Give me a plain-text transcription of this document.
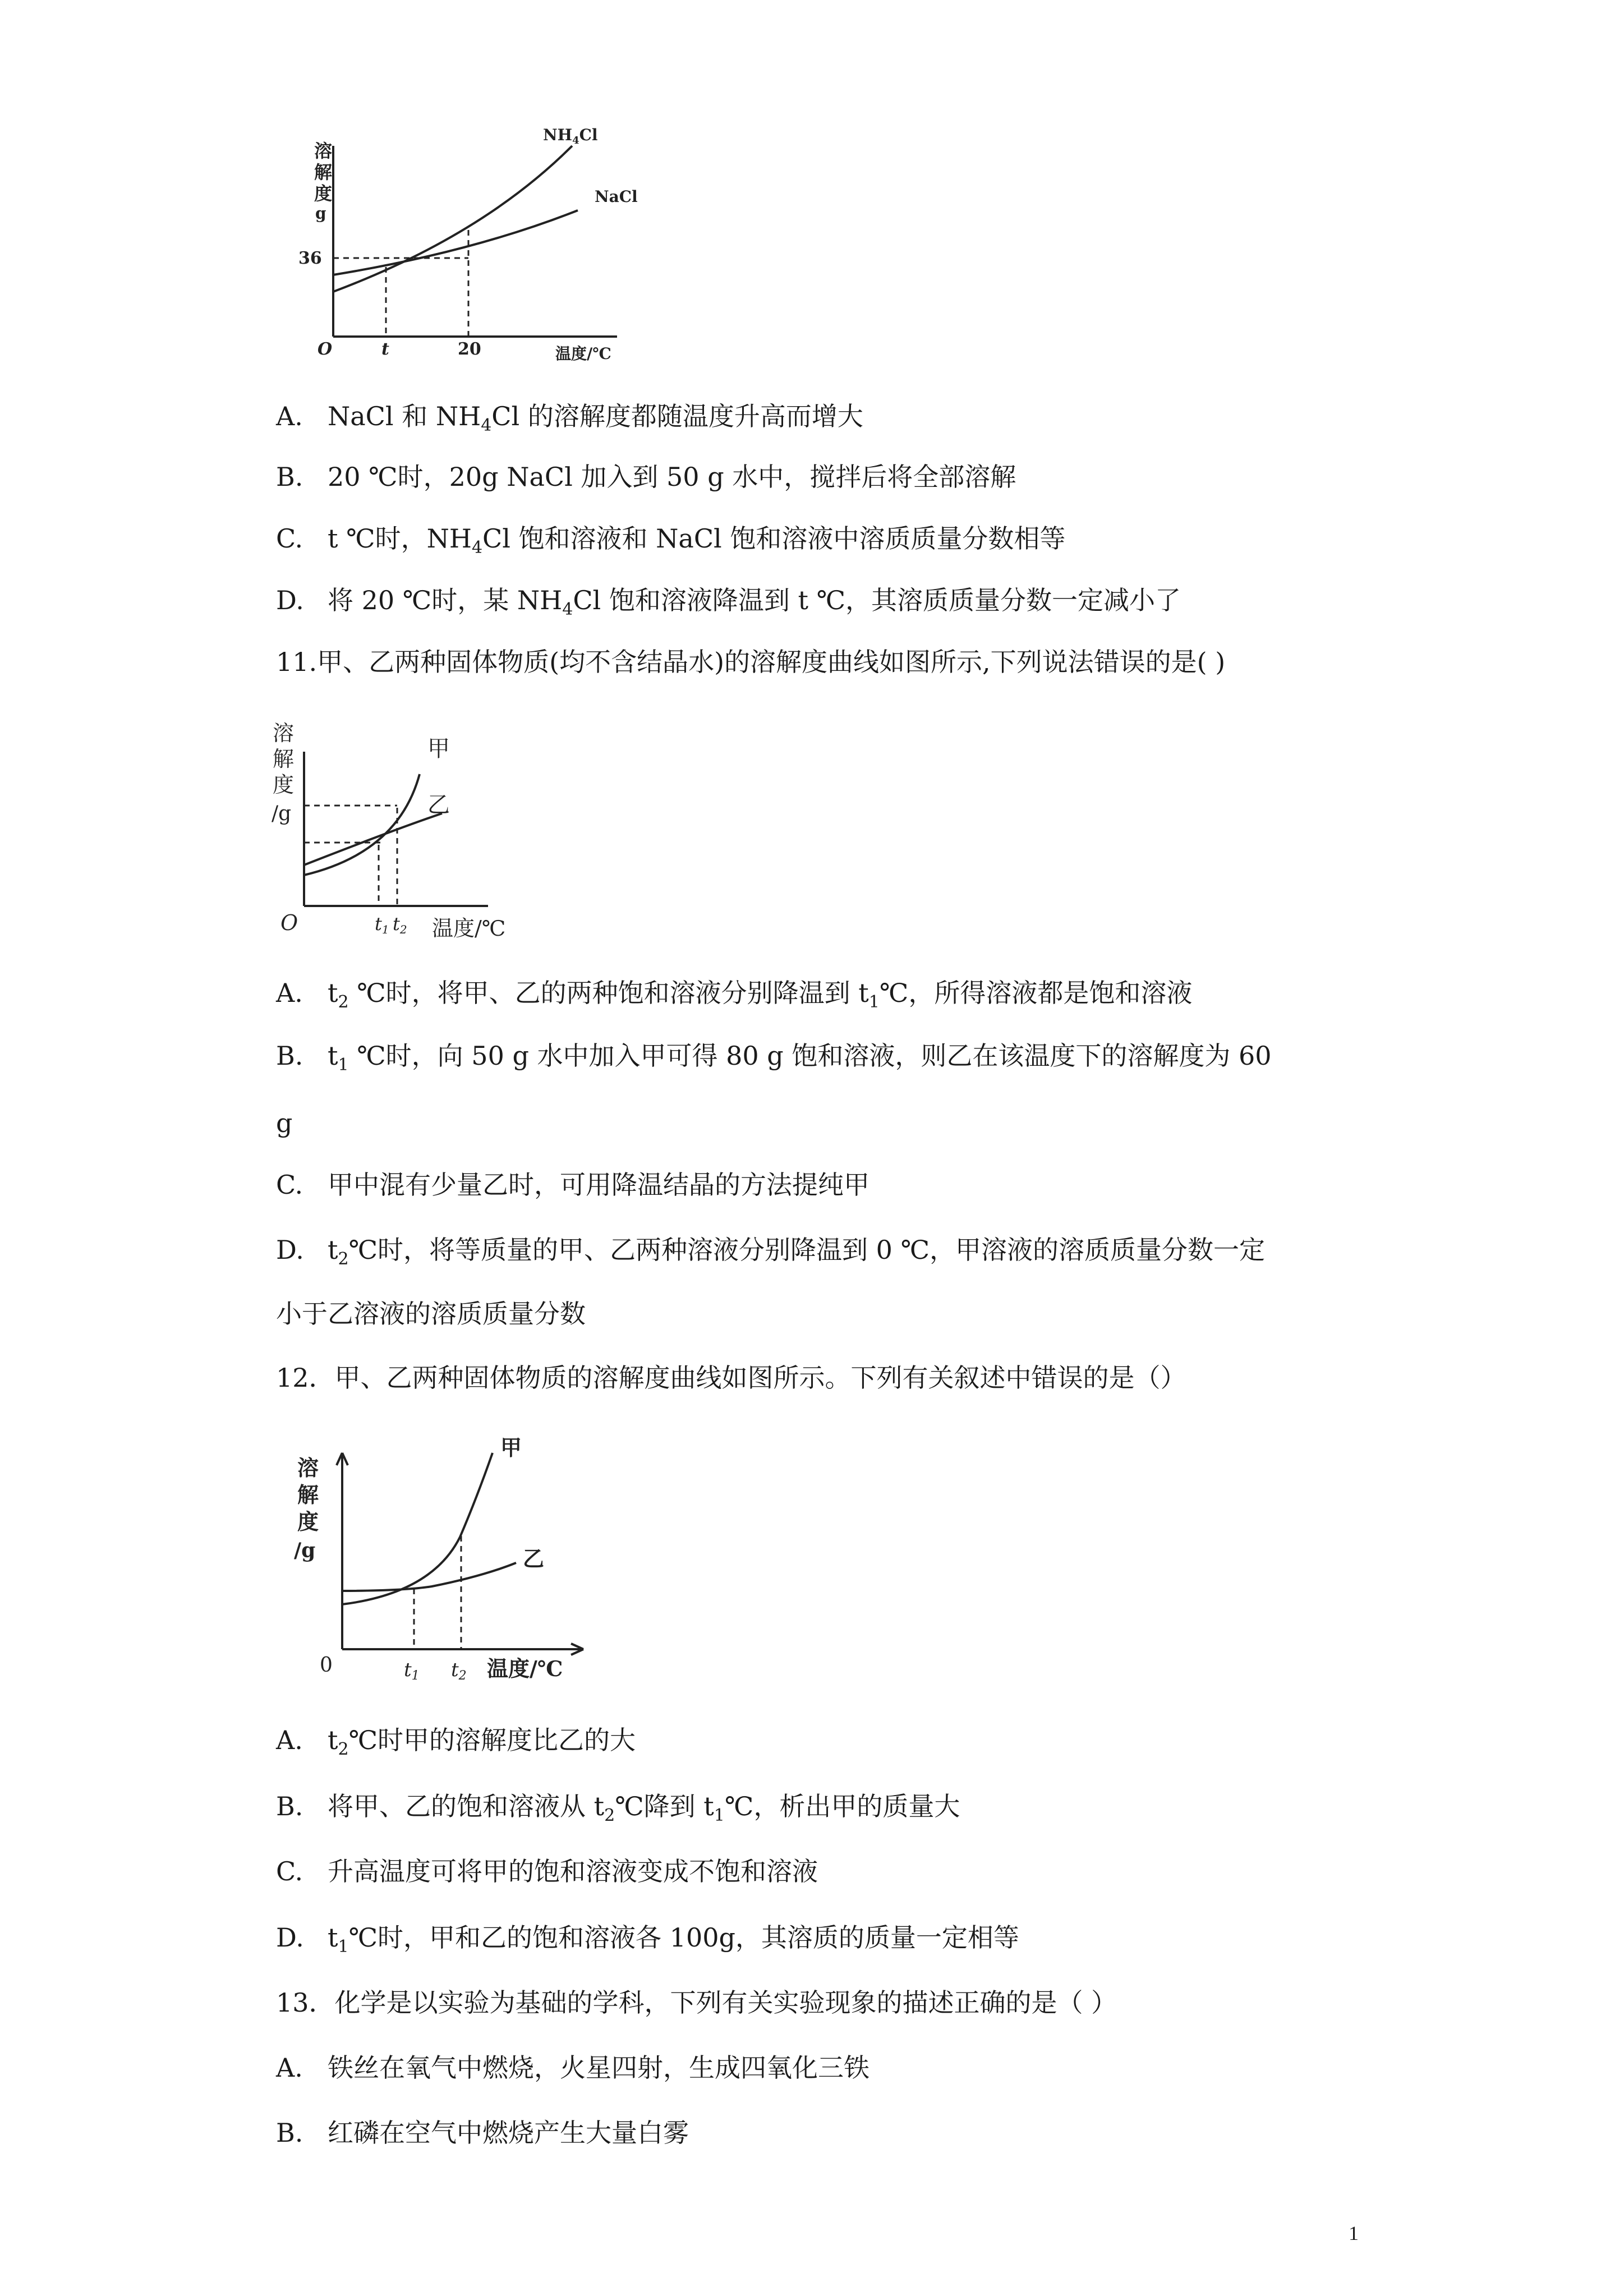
溶
解
度
g
36
O	t	20	温度/℃
$NH_4Cl$
NaCl
A. NaCl 和 $NH_4Cl$ 的溶解度都随温度升高而增大
B. 20 ℃时，20g NaCl 加入到 50 g 水中，搅拌后将全部溶解
C. t ℃时，$NH_4Cl$ 饱和溶液和 NaCl 饱和溶液中溶质质量分数相等
D. 将 20 ℃时，某 $NH_4Cl$ 饱和溶液降温到 t ℃，其溶质质量分数一定减小了
11.甲、乙两种固体物质(均不含结晶水)的溶解度曲线如图所示,下列说法错误的是( )
溶
解
度
/g
O	t1 t2 温度/℃
甲
乙
A. $t_2$ ℃时，将甲、乙的两种饱和溶液分别降温到 $t_1℃$，所得溶液都是饱和溶液
B. $t_1$ ℃时，向 50 g 水中加入甲可得 80 g 饱和溶液，则乙在该温度下的溶解度为 60
g
C. 甲中混有少量乙时，可用降温结晶的方法提纯甲
D. $t_2℃$时，将等质量的甲、乙两种溶液分别降温到 0 ℃，甲溶液的溶质质量分数一定
小于乙溶液的溶质质量分数
12．甲、乙两种固体物质的溶解度曲线如图所示。下列有关叙述中错误的是（）
溶
解
度
/g
0	t1 t2 温度/℃
甲
乙
A. $t_2℃$时甲的溶解度比乙的大
B. 将甲、乙的饱和溶液从 $t_2℃$降到 $t_1℃$，析出甲的质量大
C. 升高温度可将甲的饱和溶液变成不饱和溶液
D. $t_1℃$时，甲和乙的饱和溶液各 100g，其溶质的质量一定相等
13．化学是以实验为基础的学科，下列有关实验现象的描述正确的是（ ）
A. 铁丝在氧气中燃烧，火星四射，生成四氧化三铁
B. 红磷在空气中燃烧产生大量白雾
1
